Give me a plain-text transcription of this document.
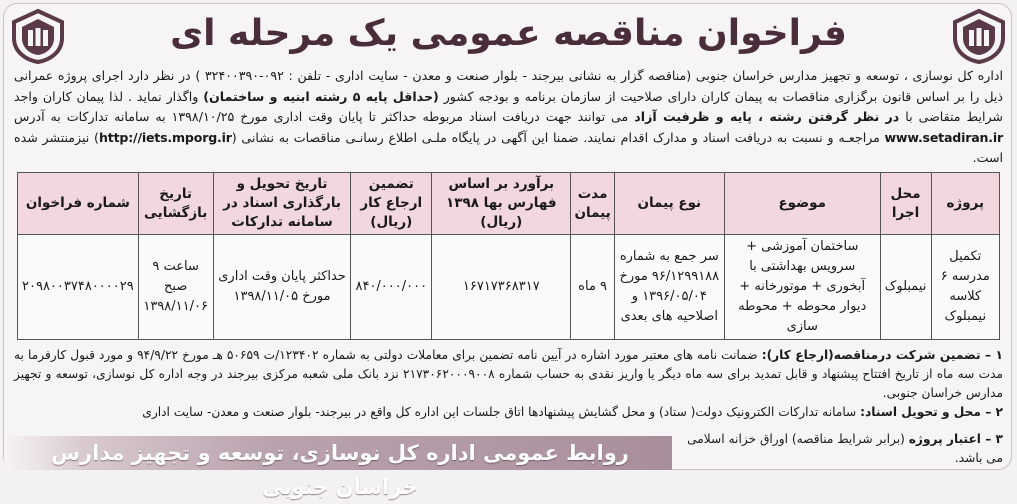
فراخوان مناقصه عمومی یک مرحله ای
اداره کل نوسازی ، توسعه و تجهیز مدارس خراسان جنوبی (مناقصه گزار به نشانی بیرجند - بلوار صنعت و معدن - سایت اداری - تلفن : ۰۹۲-۳۲۴۰۰۳۹۰ ) در نظر دارد اجرای پروژه عمرانی ذیل را بر اساس قانون برگزاری مناقصات به پیمان کاران دارای صلاحیت از سازمان برنامه و بودجه کشور (حداقل پایه ۵ رشته ابنیه و ساختمان) واگذار نماید . لذا پیمان کاران واجد شرایط متقاضی با در نظر گرفتن رشته ، پایه و ظرفیت آزاد می توانند جهت دریافت اسناد مربوطه حداکثر تا پایان وقت اداری مورخ ۱۳۹۸/۱۰/۲۵ به سامانه تدارکات به آدرس www.setadiran.ir مراجعـه و نسبت به دریافت اسناد و مدارک اقدام نمایند. ضمنا این آگهی در پایگاه ملـی اطلاع رسانـی مناقصات به نشانی (http://iets.mporg.ir) نیزمنتشر شده است.
پروژه	محل اجرا	موضوع	نوع پیمان	مدت پیمان	برآورد بر اساس فهارس بها ۱۳۹۸ (ریال)	تضمین ارجاع کار (ریال)	تاریخ تحویل و بارگذاری اسناد در سامانه تدارکات	تاریخ بازگشایی	شماره فراخوان
تکمیل مدرسه ۶ کلاسه نیمبلوک	نیمبلوک	ساختمان آموزشی + سرویس بهداشتی با آبخوری + موتورخانه + دیوار محوطه + محوطه سازی	سر جمع به شماره ۹۶/۱۲۹۹۱۸۸ مورخ ۱۳۹۶/۰۵/۰۴ و اصلاحیه های بعدی	۹ ماه	۱۶۷۱۷۳۶۸۳۱۷	۸۴۰/۰۰۰/۰۰۰	حداکثر پایان وقت اداری مورخ ۱۳۹۸/۱۱/۰۵	ساعت ۹ صبح ۱۳۹۸/۱۱/۰۶	۲۰۹۸۰۰۳۷۴۸۰۰۰۰۲۹

۱ – تضمین شرکت درمناقصه(ارجاع کار): ضمانت نامه های معتبر مورد اشاره در آیین نامه تضمین برای معاملات دولتی به شماره ۱۲۳۴۰۲/ت ۵۰۶۵۹ هـ مورخ ۹۴/۹/۲۲ و مورد قبول کارفرما به مدت سه ماه از تاریخ افتتاح پیشنهاد و قابل تمدید برای سه ماه دیگر یا واریز نقدی به حساب شماره ۲۱۷۳۰۶۲۰۰۰۹۰۰۸ نزد بانک ملی شعبه مرکزی بیرجند در وجه اداره کل نوسازی، توسعه و تجهیز مدارس خراسان جنوبی.

۲ – محل و تحویل اسناد: سامانه تدارکات الکترونیک دولت( ستاد) و محل گشایش پیشنهادها اتاق جلسات این اداره کل واقع در بیرجند- بلوار صنعت و معدن- سایت اداری

۳ – اعتبار پروژه (برابر شرایط مناقصه) اوراق خزانه اسلامی می باشد.
روابط عمومی اداره کل نوسازی، توسعه و تجهیز مدارس خراسان جنوبی
